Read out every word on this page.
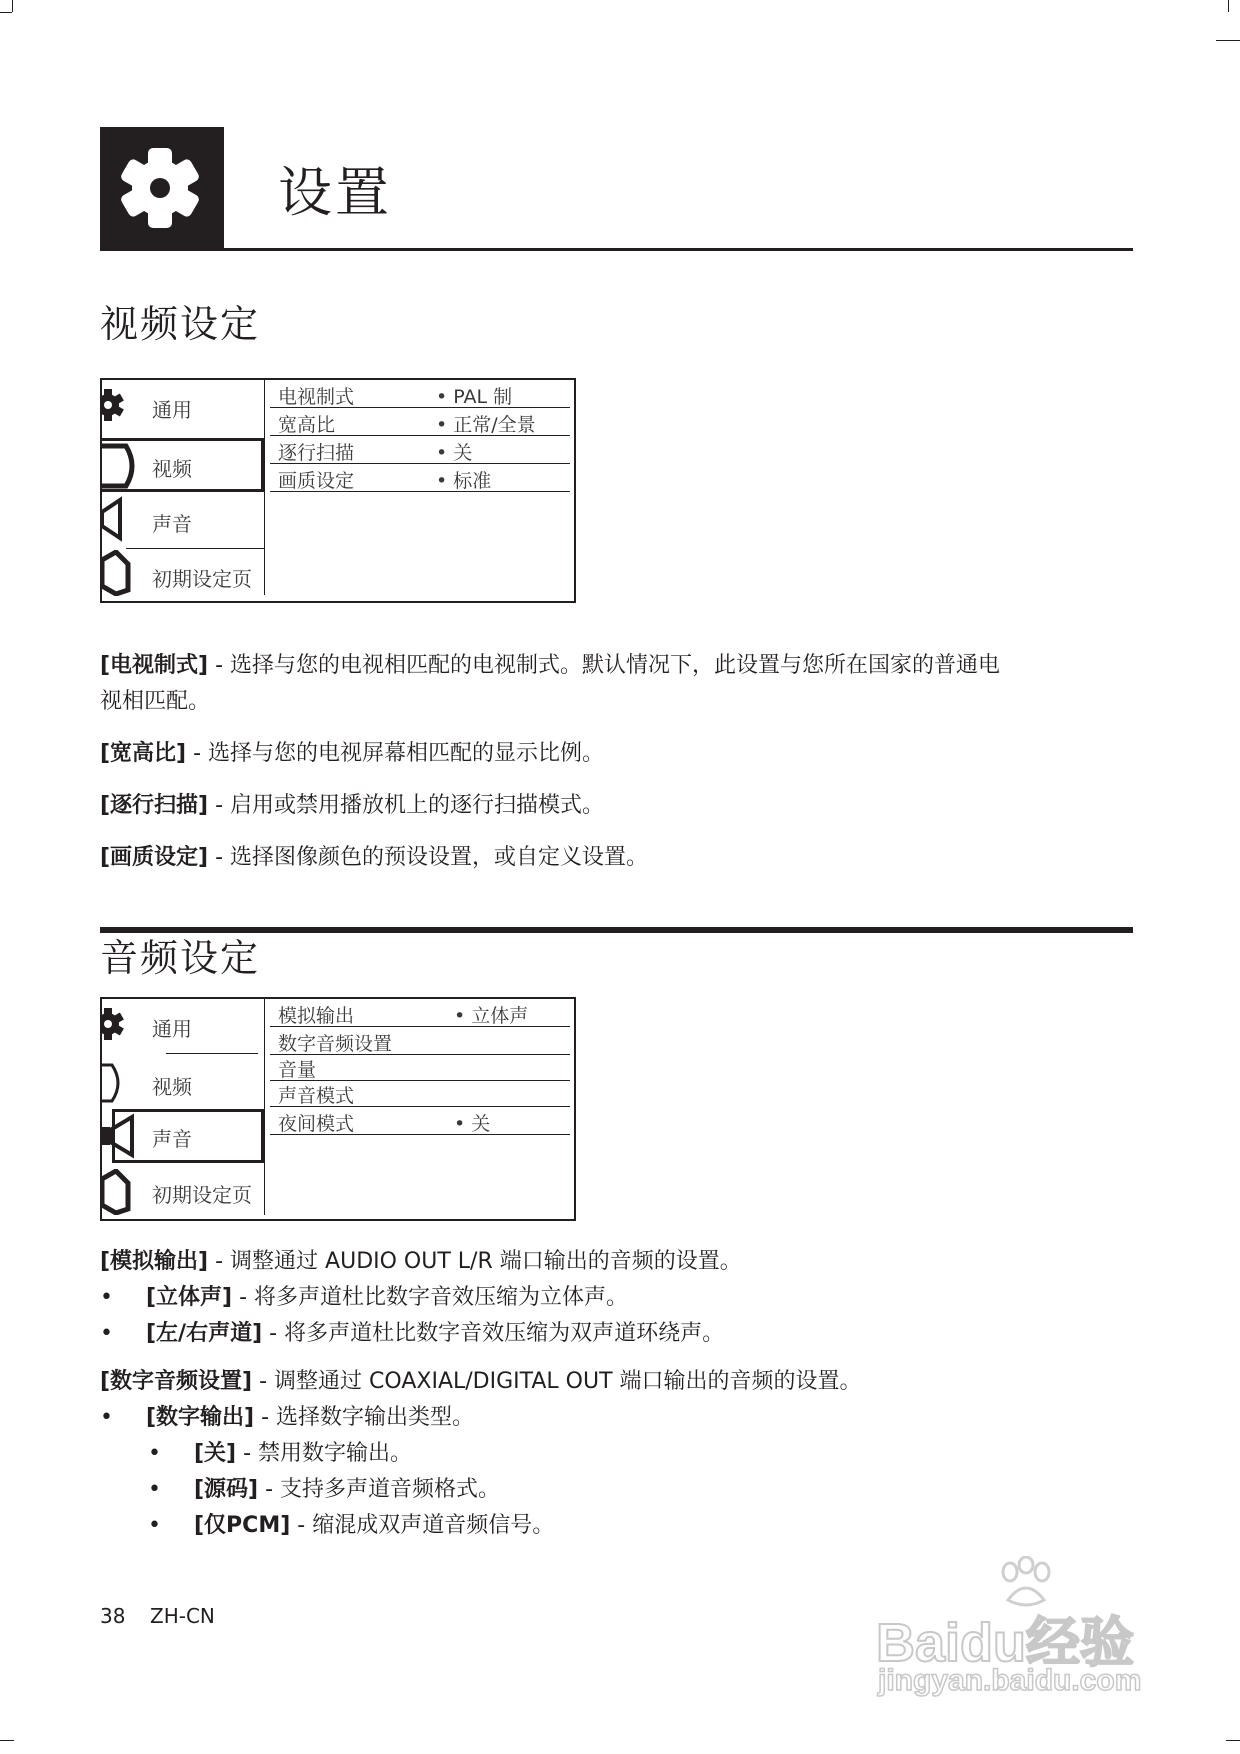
设置
视频设定
通用
视频
声音
初期设定页
电视制式	• PAL 制
宽高比	• 正常/全景
逐行扫描	• 关
画质设定	• 标准
[电视制式] - 选择与您的电视相匹配的电视制式。默认情况下，此设置与您所在国家的普通电
视相匹配。
[宽高比] - 选择与您的电视屏幕相匹配的显示比例。
[逐行扫描] - 启用或禁用播放机上的逐行扫描模式。
[画质设定] - 选择图像颜色的预设设置，或自定义设置。
音频设定
通用
视频
声音
初期设定页
模拟输出	• 立体声
数字音频设置
音量
声音模式
夜间模式	• 关
[模拟输出] - 调整通过 AUDIO OUT L/R 端口输出的音频的设置。
• [立体声] - 将多声道杜比数字音效压缩为立体声。
• [左/右声道] - 将多声道杜比数字音效压缩为双声道环绕声。
[数字音频设置] - 调整通过 COAXIAL/DIGITAL OUT 端口输出的音频的设置。
• [数字输出] - 选择数字输出类型。
• [关] - 禁用数字输出。
• [源码] - 支持多声道音频格式。
• [仅PCM] - 缩混成双声道音频信号。
38 ZH-CN	Baidu经验
jingyan.baidu.com
